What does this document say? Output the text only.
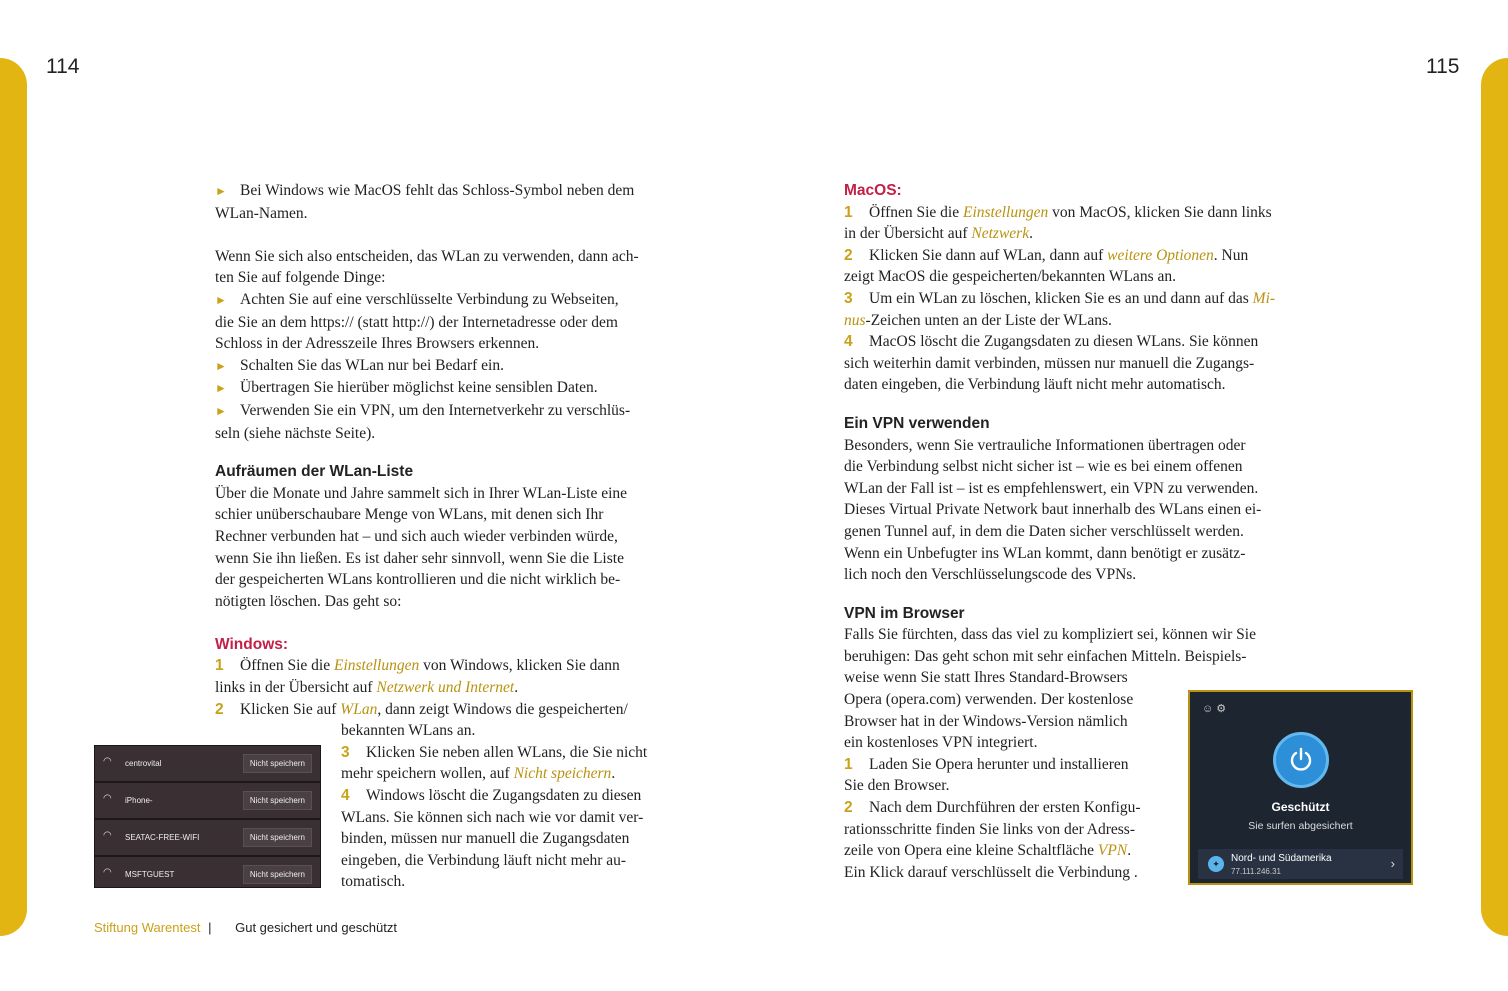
114	115

► Bei Windows wie MacOS fehlt das Schloss-Symbol neben dem
WLan-Namen.

Wenn Sie sich also entscheiden, das WLan zu verwenden, dann ach-
ten Sie auf folgende Dinge:

► Achten Sie auf eine verschlüsselte Verbindung zu Webseiten,
die Sie an dem https:// (statt http://) der Internetadresse oder dem
Schloss in der Adresszeile Ihres Browsers erkennen.

► Schalten Sie das WLan nur bei Bedarf ein.

► Übertragen Sie hierüber möglichst keine sensiblen Daten.

► Verwenden Sie ein VPN, um den Internetverkehr zu verschlüs-
seln (siehe nächste Seite).

Aufräumen der WLan-Liste

Über die Monate und Jahre sammelt sich in Ihrer WLan-Liste eine
schier unüberschaubare Menge von WLans, mit denen sich Ihr
Rechner verbunden hat – und sich auch wieder verbinden würde,
wenn Sie ihn ließen. Es ist daher sehr sinnvoll, wenn Sie die Liste
der gespeicherten WLans kontrollieren und die nicht wirklich be-
nötigten löschen. Das geht so:

Windows:

1 Öffnen Sie die Einstellungen von Windows, klicken Sie dann
links in der Übersicht auf Netzwerk und Internet.

2 Klicken Sie auf WLan, dann zeigt Windows die gespeicherten/

bekannten WLans an.

3 Klicken Sie neben allen WLans, die Sie nicht
mehr speichern wollen, auf Nicht speichern.

4 Windows löscht die Zugangsdaten zu diesen
WLans. Sie können sich nach wie vor damit ver-
binden, müssen nur manuell die Zugangsdaten
eingeben, die Verbindung läuft nicht mehr au-
tomatisch.

◠ centrovital	Nicht speichern
◠ iPhone-	Nicht speichern
◠ SEATAC-FREE-WIFI	Nicht speichern
◠ MSFTGUEST	Nicht speichern

MacOS:

1 Öffnen Sie die Einstellungen von MacOS, klicken Sie dann links
in der Übersicht auf Netzwerk.

2 Klicken Sie dann auf WLan, dann auf weitere Optionen. Nun
zeigt MacOS die gespeicherten/bekannten WLans an.

3 Um ein WLan zu löschen, klicken Sie es an und dann auf das Mi-
nus-Zeichen unten an der Liste der WLans.

4 MacOS löscht die Zugangsdaten zu diesen WLans. Sie können
sich weiterhin damit verbinden, müssen nur manuell die Zugangs-
daten eingeben, die Verbindung läuft nicht mehr automatisch.

Ein VPN verwenden

Besonders, wenn Sie vertrauliche Informationen übertragen oder
die Verbindung selbst nicht sicher ist – wie es bei einem offenen
WLan der Fall ist – ist es empfehlenswert, ein VPN zu verwenden.
Dieses Virtual Private Network baut innerhalb des WLans einen ei-
genen Tunnel auf, in dem die Daten sicher verschlüsselt werden.
Wenn ein Unbefugter ins WLan kommt, dann benötigt er zusätz-
lich noch den Verschlüsselungscode des VPNs.

VPN im Browser

Falls Sie fürchten, dass das viel zu kompliziert sei, können wir Sie
beruhigen: Das geht schon mit sehr einfachen Mitteln. Beispiels-

weise wenn Sie statt Ihres Standard-Browsers
Opera (opera.com) verwenden. Der kostenlose
Browser hat in der Windows-Version nämlich
ein kostenloses VPN integriert.

1 Laden Sie Opera herunter und installieren
Sie den Browser.

2 Nach dem Durchführen der ersten Konfigu-
rationsschritte finden Sie links von der Adress-
zeile von Opera eine kleine Schaltfläche VPN.
Ein Klick darauf verschlüsselt die Verbindung .

☺ ⚙
Geschützt
Sie surfen abgesichert
✦	Nord- und Südamerika
77.111.246.31
›
Stiftung Warentest | Gut gesichert und geschützt
